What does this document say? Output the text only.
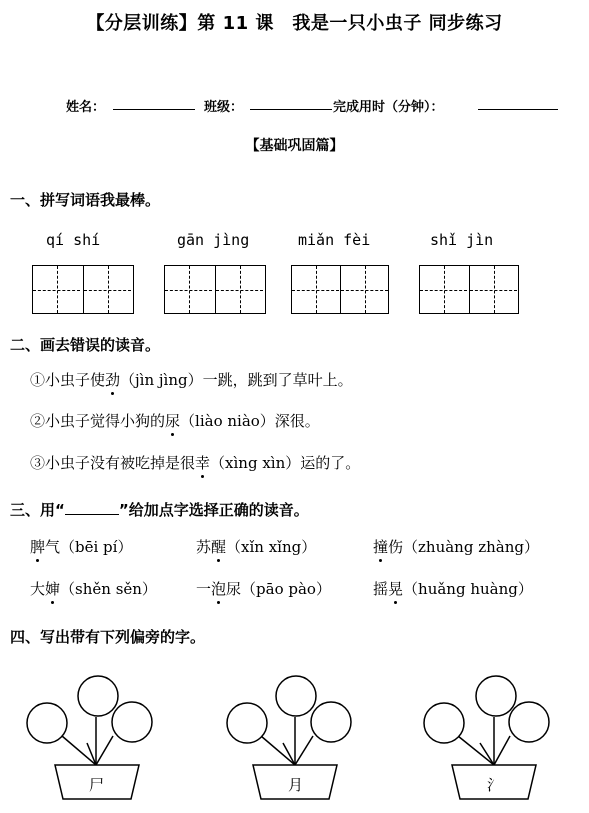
【分层训练】第 11 课　我是一只小虫子 同步练习
姓名：	班级：	完成用时（分钟）：
【基础巩固篇】
一、拼写词语我最棒。
qí shí	gān jìng	miǎn fèi	shǐ jìn
二、画去错误的读音。
①小虫子使劲（jìn jìng）一跳，跳到了草叶上。
②小虫子觉得小狗的尿（liào niào）深很。
③小虫子没有被吃掉是很幸（xìng xìn）运的了。
三、用“	”给加点字选择正确的读音。
脾气（bēi pí）	苏醒（xǐn xǐng）	撞伤（zhuàng zhàng）
大婶（shěn sěn）	一泡尿（pāo pào）	摇晃（huǎng huàng）
四、写出带有下列偏旁的字。
尸	月	氵
